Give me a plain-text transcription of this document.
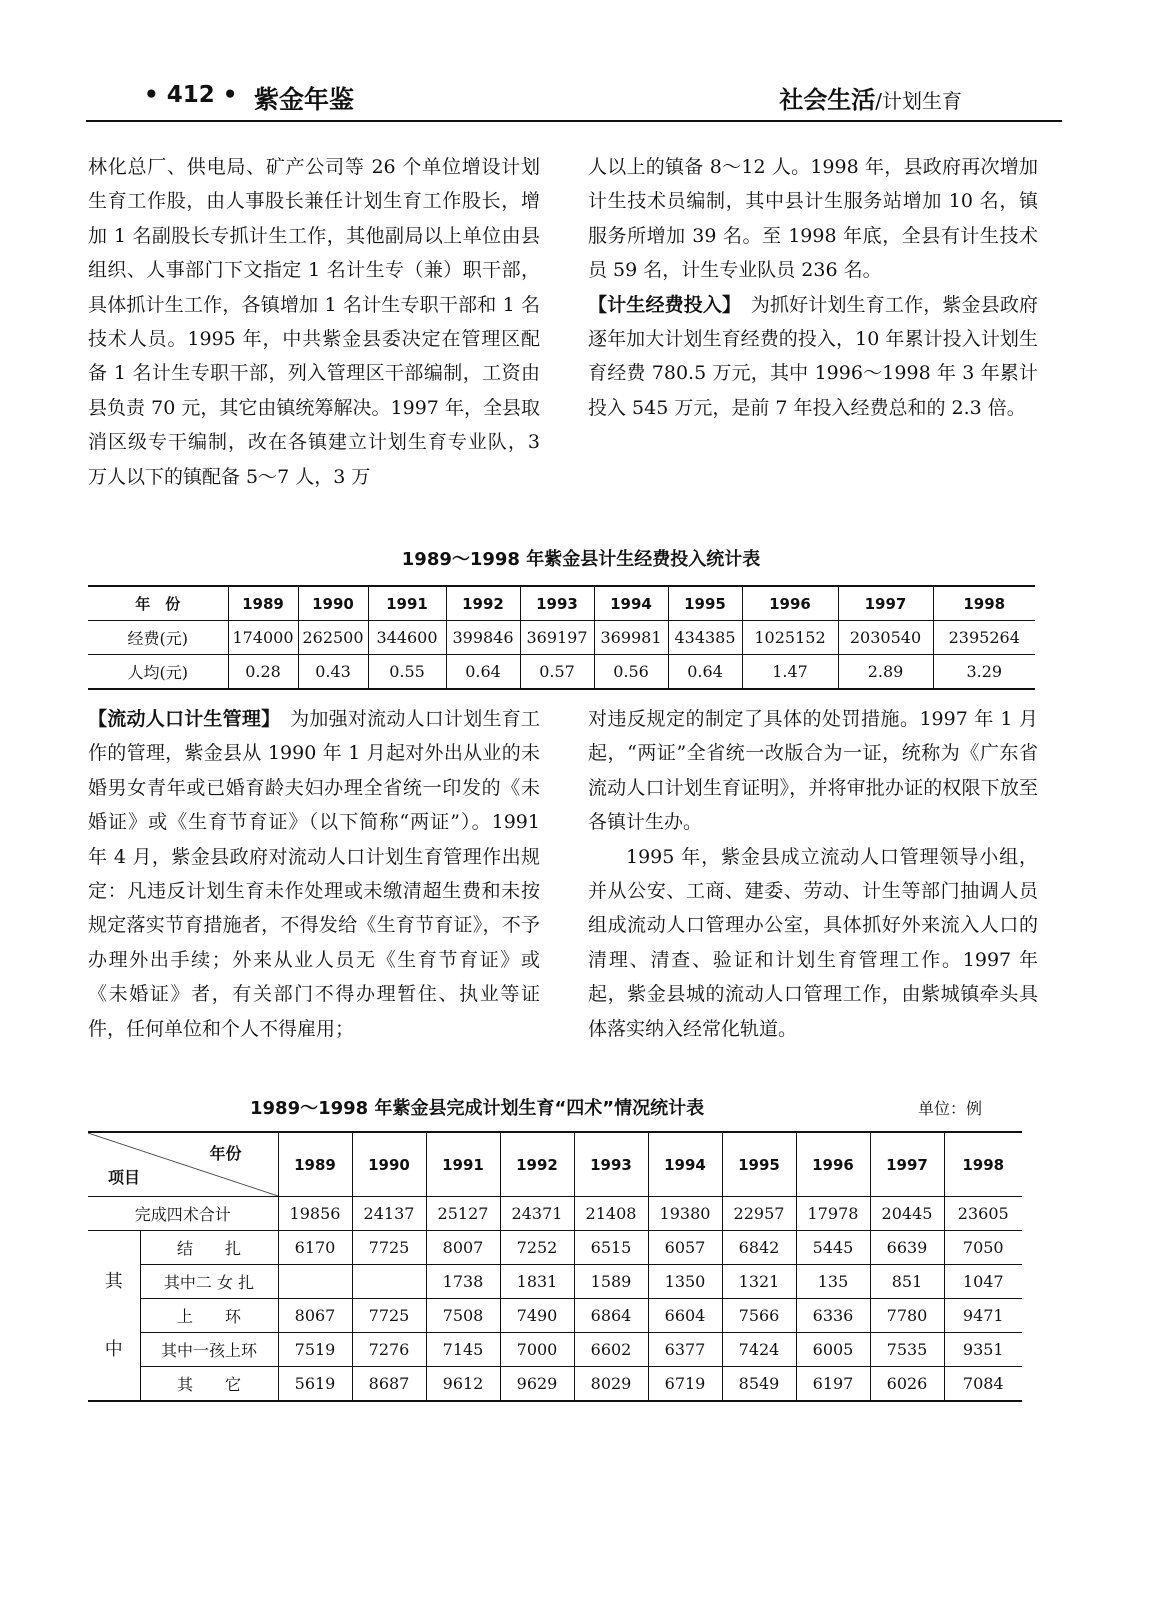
• 412 • 紫金年鉴	社会生活/计划生育

林化总厂、供电局、矿产公司等 26 个单位增设计划生育工作股，由人事股长兼任计划生育工作股长，增加 1 名副股长专抓计生工作，其他副局以上单位由县组织、人事部门下文指定 1 名计生专（兼）职干部，具体抓计生工作，各镇增加 1 名计生专职干部和 1 名技术人员。1995 年，中共紫金县委决定在管理区配备 1 名计生专职干部，列入管理区干部编制，工资由县负责 70 元，其它由镇统筹解决。1997 年，全县取消区级专干编制，改在各镇建立计划生育专业队，3 万人以下的镇配备 5～7 人，3 万

人以上的镇备 8～12 人。1998 年，县政府再次增加计生技术员编制，其中县计生服务站增加 10 名，镇服务所增加 39 名。至 1998 年底，全县有计生技术员 59 名，计生专业队员 236 名。

【计生经费投入】　为抓好计划生育工作，紫金县政府逐年加大计划生育经费的投入，10 年累计投入计划生育经费 780.5 万元，其中 1996～1998 年 3 年累计投入 545 万元，是前 7 年投入经费总和的 2.3 倍。

1989～1998 年紫金县计生经费投入统计表
年　份	1989	1990	1991	1992	1993	1994	1995	1996	1997	1998
经费(元)	174000	262500	344600	399846	369197	369981	434385	1025152	2030540	2395264
人均(元)	0.28	0.43	0.55	0.64	0.57	0.56	0.64	1.47	2.89	3.29

【流动人口计生管理】　为加强对流动人口计划生育工作的管理，紫金县从 1990 年 1 月起对外出从业的未婚男女青年或已婚育龄夫妇办理全省统一印发的《未婚证》或《生育节育证》（以下简称“两证”）。1991 年 4 月，紫金县政府对流动人口计划生育管理作出规定：凡违反计划生育未作处理或未缴清超生费和未按规定落实节育措施者，不得发给《生育节育证》，不予办理外出手续；外来从业人员无《生育节育证》或《未婚证》者，有关部门不得办理暂住、执业等证件，任何单位和个人不得雇用；

对违反规定的制定了具体的处罚措施。1997 年 1 月起，“两证”全省统一改版合为一证，统称为《广东省流动人口计划生育证明》，并将审批办证的权限下放至各镇计生办。

1995 年，紫金县成立流动人口管理领导小组，并从公安、工商、建委、劳动、计生等部门抽调人员组成流动人口管理办公室，具体抓好外来流入人口的清理、清查、验证和计划生育管理工作。1997 年起，紫金县城的流动人口管理工作，由紫城镇牵头具体落实纳入经常化轨道。

1989～1998 年紫金县完成计划生育“四术”情况统计表	单位：例
年份
项目		1989	1990	1991	1992	1993	1994	1995	1996	1997	1998
完成四术合计		19856	24137	25127	24371	21408	19380	22957	17978	20445	23605
其
中	结　　扎	6170	7725	8007	7252	6515	6057	6842	5445	6639	7050
	其中二 女 扎			1738	1831	1589	1350	1321	135	851	1047
	上　　环	8067	7725	7508	7490	6864	6604	7566	6336	7780	9471
	其中一孩上环	7519	7276	7145	7000	6602	6377	7424	6005	7535	9351
	其　　它	5619	8687	9612	9629	8029	6719	8549	6197	6026	7084
